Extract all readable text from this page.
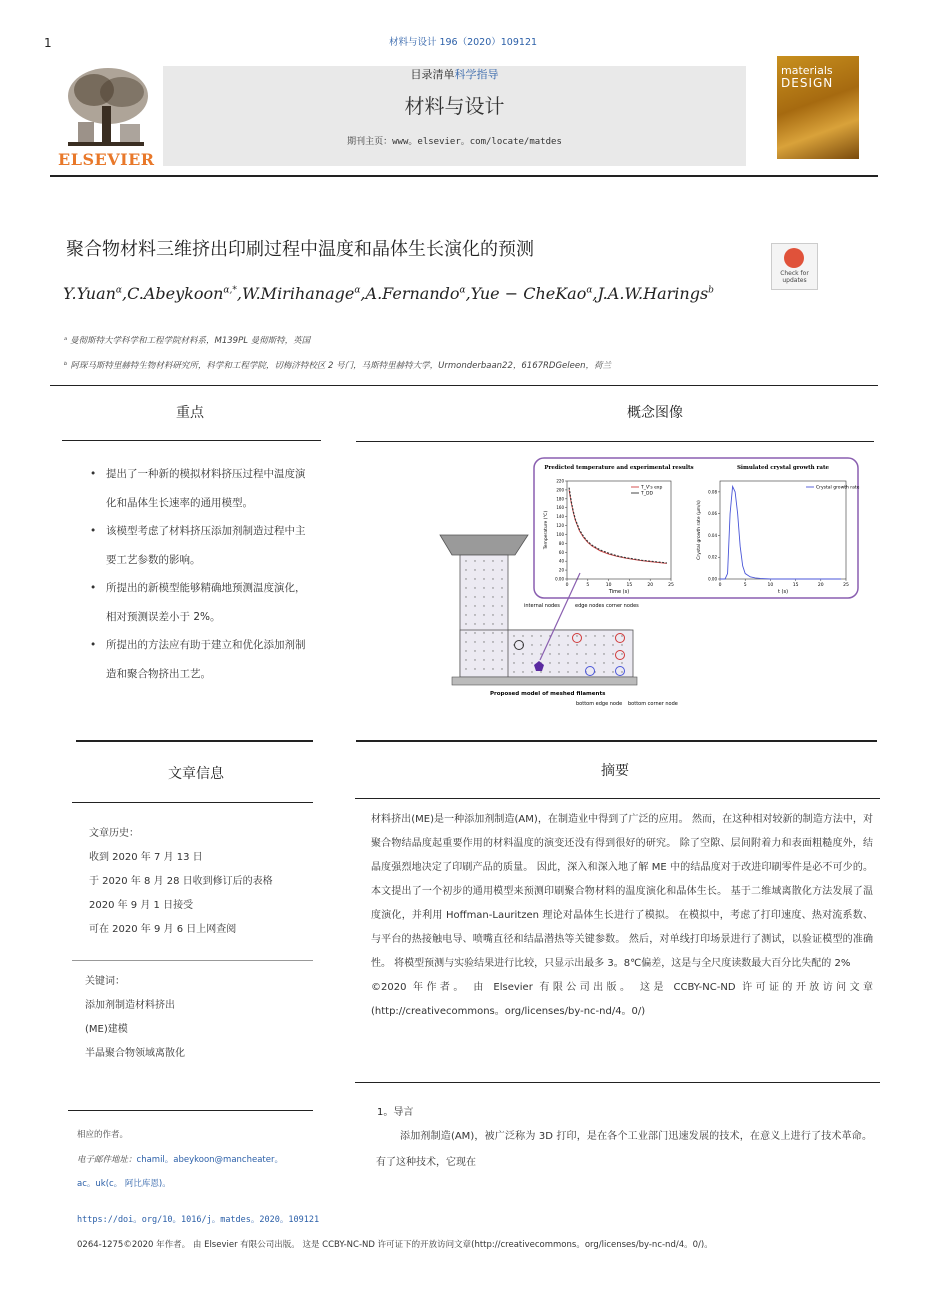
1	材料与设计 196（2020）109121
ELSEVIER
目录清单科学指导
材料与设计
期刊主页：www。elsevier。com/locate/matdes
materials
DESIGN
聚合物材料三维挤出印刷过程中温度和晶体生长演化的预测
Check for updates
Y.Yuan$^\alpha$,C.Abeykoon$^{\alpha,*}$,W.Mirihanage$^\alpha$,A.Fernando$^\alpha$,Yue − CheKao$^\alpha$,J.A.W.Harings$^b$
ᵃ 曼彻斯特大学科学和工程学院材料系，M139PL 曼彻斯特，英国
ᵇ 阿琛马斯特里赫特生物材料研究所，科学和工程学院，切梅济特校区 2 号门，马斯特里赫特大学，Urmonderbaan22，6167RDGeleen，荷兰
重点
• 提出了一种新的模拟材料挤压过程中温度演化和晶体生长速率的通用模型。
• 该模型考虑了材料挤压添加剂制造过程中主要工艺参数的影响。
• 所提出的新模型能够精确地预测温度演化，相对预测误差小于 2%。
• 所提出的方法应有助于建立和优化添加剂制造和聚合物挤出工艺。
概念图像
internal nodes	edge nodes corner nodes
Proposed model of meshed filaments
bottom edge node bottom corner node
Predicted temperature and experimental results
Time (s)
Temperature (℃)
0	5	10	15	20	25
0.00
20
40
60
80
100
120
140
160
180
200
220
T_V's exp
T_DD
Simulated crystal growth rate
t (s)
Crystal growth rate (μm/s)
0	5	10	15	20	25
0.00
0.02
0.04
0.06
0.08
Crystal growth rate
文章信息
文章历史：
收到 2020 年 7 月 13 日
于 2020 年 8 月 28 日收到修订后的表格
2020 年 9 月 1 日接受
可在 2020 年 9 月 6 日上网查阅
关键词：
添加剂制造材料挤出
(ME)建模
半晶聚合物领域离散化
摘要

材料挤出(ME)是一种添加剂制造(AM)，在制造业中得到了广泛的应用。 然而，在这种相对较新的制造方法中，对聚合物结晶度起重要作用的材料温度的演变还没有得到很好的研究。 除了空隙、层间附着力和表面粗糙度外，结晶度强烈地决定了印刷产品的质量。 因此，深入和深入地了解 ME 中的结晶度对于改进印刷零件是必不可少的。 本文提出了一个初步的通用模型来预测印刷聚合物材料的温度演化和晶体生长。 基于二维域离散化方法发展了温度演化，并利用 Hoffman-Lauritzen 理论对晶体生长进行了模拟。 在模拟中，考虑了打印速度、热对流系数、与平台的热接触电导、喷嘴直径和结晶潜热等关键参数。 然后，对单线打印场景进行了测试，以验证模型的准确性。 将模型预测与实验结果进行比较，只显示出最多 3。8℃偏差，这是与全尺度读数最大百分比失配的 2%

©2020 年作者。 由 Elsevier 有限公司出版。 这是 CCBY-NC-ND 许可证的开放访问文章(http://creativecommons。org/licenses/by-nc-nd/4。0/)

1。导言
添加剂制造(AM)，被广泛称为 3D 打印，是在各个工业部门迅速发展的技术，在意义上进行了技术革命。 有了这种技术，它现在
相应的作者。
电子邮件地址：chamil。abeykoon@mancheater。
ac。uk(c。 阿比库恩)。
https://doi。org/10。1016/j。matdes。2020。109121
0264-1275©2020 年作者。 由 Elsevier 有限公司出版。 这是 CCBY-NC-ND 许可证下的开放访问文章(http://creativecommons。org/licenses/by-nc-nd/4。0/)。
